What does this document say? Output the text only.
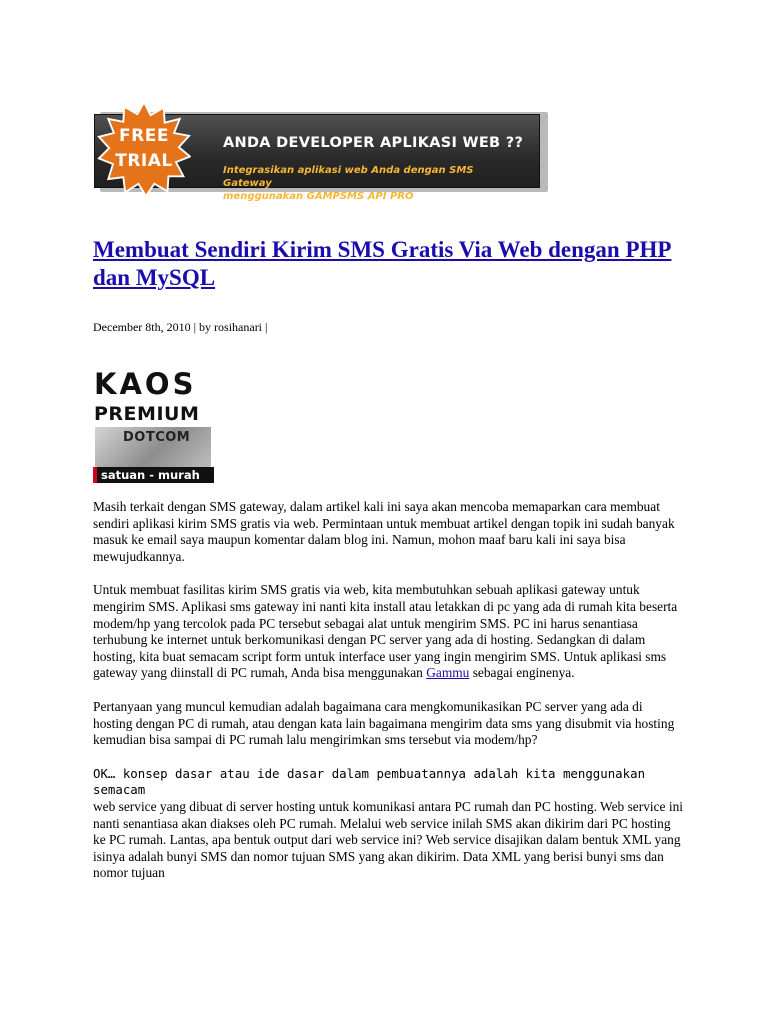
ANDA DEVELOPER APLIKASI WEB ??
Integrasikan aplikasi web Anda dengan SMS Gateway
menggunakan GAMPSMS API PRO
FREE
TRIAL
Membuat Sendiri Kirim SMS Gratis Via Web dengan PHP dan MySQL
December 8th, 2010 | by rosihanari |
KAOS
PREMIUM
DOTCOM
satuan - murah

Masih terkait dengan SMS gateway, dalam artikel kali ini saya akan mencoba memaparkan cara membuat sendiri aplikasi kirim SMS gratis via web. Permintaan untuk membuat artikel dengan topik ini sudah banyak masuk ke email saya maupun komentar dalam blog ini. Namun, mohon maaf baru kali ini saya bisa mewujudkannya.

Untuk membuat fasilitas kirim SMS gratis via web, kita membutuhkan sebuah aplikasi gateway untuk mengirim SMS. Aplikasi sms gateway ini nanti kita install atau letakkan di pc yang ada di rumah kita beserta modem/hp yang tercolok pada PC tersebut sebagai alat untuk mengirim SMS. PC ini harus senantiasa terhubung ke internet untuk berkomunikasi dengan PC server yang ada di hosting. Sedangkan di dalam hosting, kita buat semacam script form untuk interface user yang ingin mengirim SMS. Untuk aplikasi sms gateway yang diinstall di PC rumah, Anda bisa menggunakan Gammu sebagai enginenya.

Pertanyaan yang muncul kemudian adalah bagaimana cara mengkomunikasikan PC server yang ada di hosting dengan PC di rumah, atau dengan kata lain bagaimana mengirim data sms yang disubmit via hosting kemudian bisa sampai di PC rumah lalu mengirimkan sms tersebut via modem/hp?

OK… konsep dasar atau ide dasar dalam pembuatannya adalah kita menggunakan semacam
web service yang dibuat di server hosting untuk komunikasi antara PC rumah dan PC hosting. Web service ini nanti senantiasa akan diakses oleh PC rumah. Melalui web service inilah SMS akan dikirim dari PC hosting ke PC rumah. Lantas, apa bentuk output dari web service ini? Web service disajikan dalam bentuk XML yang isinya adalah bunyi SMS dan nomor tujuan SMS yang akan dikirim. Data XML yang berisi bunyi sms dan nomor tujuan
